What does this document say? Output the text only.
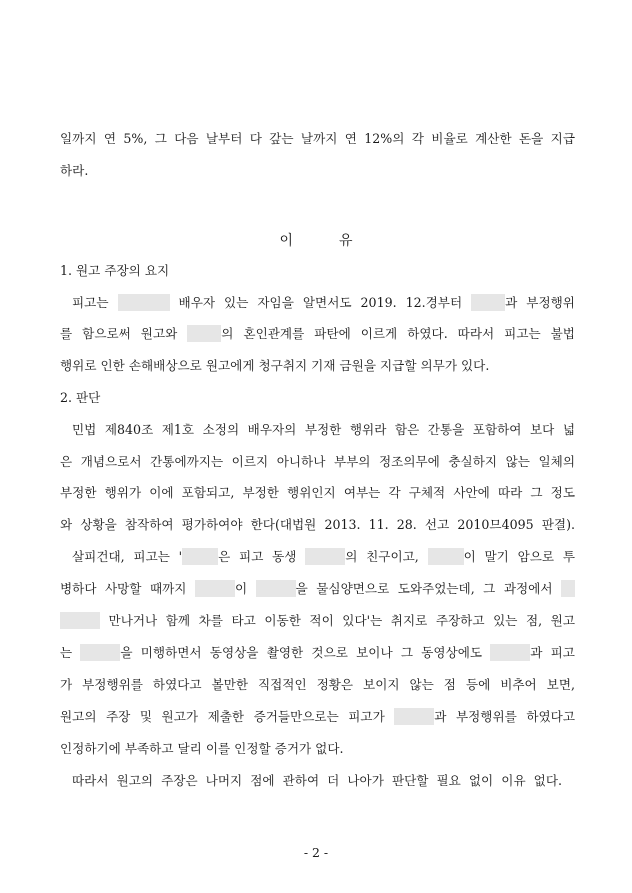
일까지 연 5%, 그 다음 날부터 다 갚는 날까지 연 12%의 각 비율로 계산한 돈을 지급
하라.
이	유
1. 원고 주장의 요지
피고는	배우자 있는 자임을 알면서도 2019. 12.경부터	과 부정행위
를 함으로써 원고와	의 혼인관계를 파탄에 이르게 하였다. 따라서 피고는 불법
행위로 인한 손해배상으로 원고에게 청구취지 기재 금원을 지급할 의무가 있다.
2. 판단
민법 제840조 제1호 소정의 배우자의 부정한 행위라 함은 간통을 포함하여 보다 넓
은 개념으로서 간통에까지는 이르지 아니하나 부부의 정조의무에 충실하지 않는 일체의
부정한 행위가 이에 포함되고, 부정한 행위인지 여부는 각 구체적 사안에 따라 그 정도
와 상황을 참작하여 평가하여야 한다(대법원 2013. 11. 28. 선고 2010므4095 판결).
살피건대, 피고는 '	은 피고 동생	의 친구이고,	이 말기 암으로 투
병하다 사망할 때까지	이	을 물심양면으로 도와주었는데, 그 과정에서
만나거나 함께 차를 타고 이동한 적이 있다'는 취지로 주장하고 있는 점, 원고
는	을 미행하면서 동영상을 촬영한 것으로 보이나 그 동영상에도	과 피고
가 부정행위를 하였다고 볼만한 직접적인 정황은 보이지 않는 점 등에 비추어 보면,
원고의 주장 및 원고가 제출한 증거들만으로는 피고가	과 부정행위를 하였다고
인정하기에 부족하고 달리 이를 인정할 증거가 없다.
따라서 원고의 주장은 나머지 점에 관하여 더 나아가 판단할 필요 없이 이유 없다.
- 2 -
